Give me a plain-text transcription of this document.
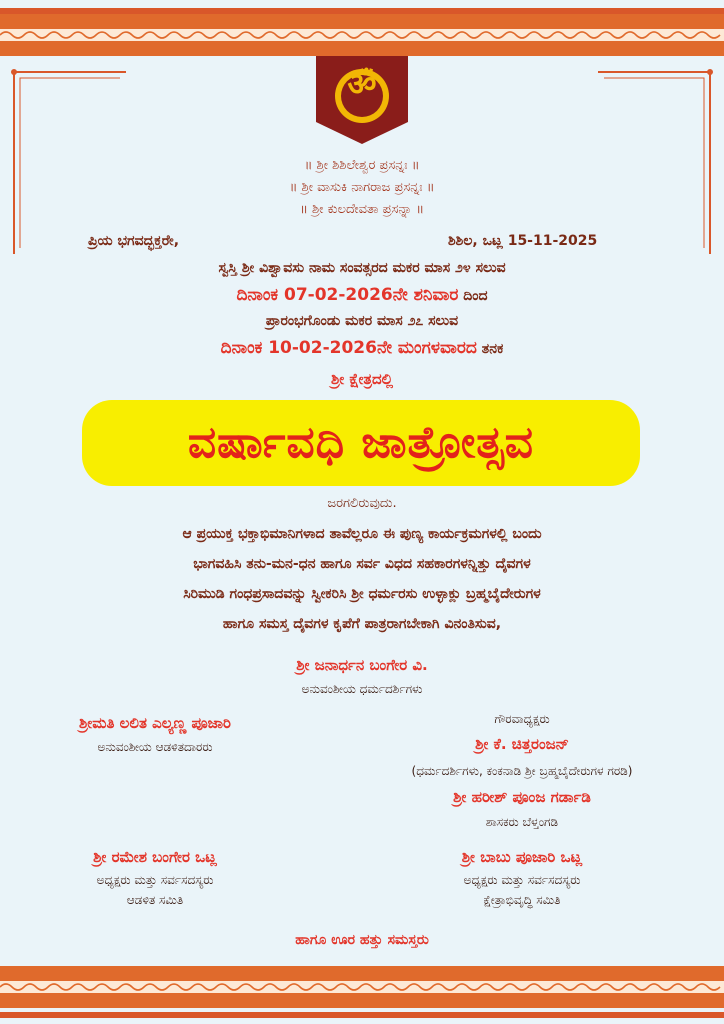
ॐ
॥ ಶ್ರೀ ಶಿಶಿಲೇಶ್ವರ ಪ್ರಸನ್ನಃ ॥
॥ ಶ್ರೀ ವಾಸುಕಿ ನಾಗರಾಜ ಪ್ರಸನ್ನಃ ॥
॥ ಶ್ರೀ ಕುಲದೇವತಾ ಪ್ರಸನ್ನಾ ॥
ಪ್ರಿಯ ಭಗವದ್ಭಕ್ತರೇ,	ಶಿಶಿಲ, ಒಟ್ಲ 15-11-2025
ಸ್ವಸ್ತಿ ಶ್ರೀ ವಿಶ್ವಾವಸು ನಾಮ ಸಂವತ್ಸರದ ಮಕರ ಮಾಸ ೨೪ ಸಲುವ
ದಿನಾಂಕ 07-02-2026ನೇ ಶನಿವಾರ ದಿಂದ
ಪ್ರಾರಂಭಗೊಂಡು ಮಕರ ಮಾಸ ೨೭ ಸಲುವ
ದಿನಾಂಕ 10-02-2026ನೇ ಮಂಗಳವಾರದ ತನಕ
ಶ್ರೀ ಕ್ಷೇತ್ರದಲ್ಲಿ
ವರ್ಷಾವಧಿ ಜಾತ್ರೋತ್ಸವ
ಜರಗಲಿರುವುದು.
ಆ ಪ್ರಯುಕ್ತ ಭಕ್ತಾಭಿಮಾನಿಗಳಾದ ತಾವೆಲ್ಲರೂ ಈ ಪುಣ್ಯ ಕಾರ್ಯಕ್ರಮಗಳಲ್ಲಿ ಬಂದು
ಭಾಗವಹಿಸಿ ತನು-ಮನ-ಧನ ಹಾಗೂ ಸರ್ವ ವಿಧದ ಸಹಕಾರಗಳನ್ನಿತ್ತು ದೈವಗಳ
ಸಿರಿಮುಡಿ ಗಂಧಪ್ರಸಾದವನ್ನು ಸ್ವೀಕರಿಸಿ ಶ್ರೀ ಧರ್ಮರಸು ಉಳ್ಳಾಕ್ಲು ಬ್ರಹ್ಮಬೈದೇರುಗಳ
ಹಾಗೂ ಸಮಸ್ತ ದೈವಗಳ ಕೃಪೆಗೆ ಪಾತ್ರರಾಗಬೇಕಾಗಿ ವಿನಂತಿಸುವ,
ಶ್ರೀ ಜನಾರ್ಧನ ಬಂಗೇರ ವಿ.
ಅನುವಂಶೀಯ ಧರ್ಮದರ್ಶಿಗಳು
ಶ್ರೀಮತಿ ಲಲಿತ ಎಲ್ಯಣ್ಣ ಪೂಜಾರಿ
ಅನುವಂಶೀಯ ಆಡಳಿತದಾರರು
ಗೌರವಾಧ್ಯಕ್ಷರು
ಶ್ರೀ ಕೆ. ಚಿತ್ತರಂಜನ್
(ಧರ್ಮದರ್ಶಿಗಳು, ಕಂಕನಾಡಿ ಶ್ರೀ ಬ್ರಹ್ಮಬೈದೇರುಗಳ ಗರಡಿ)
ಶ್ರೀ ಹರೀಶ್ ಪೂಂಜ ಗರ್ಡಾಡಿ
ಶಾಸಕರು ಬೆಳ್ತಂಗಡಿ
ಶ್ರೀ ರಮೇಶ ಬಂಗೇರ ಒಟ್ಲ
ಅಧ್ಯಕ್ಷರು ಮತ್ತು ಸರ್ವಸದಸ್ಯರು
ಆಡಳಿತ ಸಮಿತಿ
ಶ್ರೀ ಬಾಬು ಪೂಜಾರಿ ಒಟ್ಲ
ಅಧ್ಯಕ್ಷರು ಮತ್ತು ಸರ್ವಸದಸ್ಯರು
ಕ್ಷೇತ್ರಾಭಿವೃದ್ಧಿ ಸಮಿತಿ
ಹಾಗೂ ಊರ ಹತ್ತು ಸಮಸ್ತರು
